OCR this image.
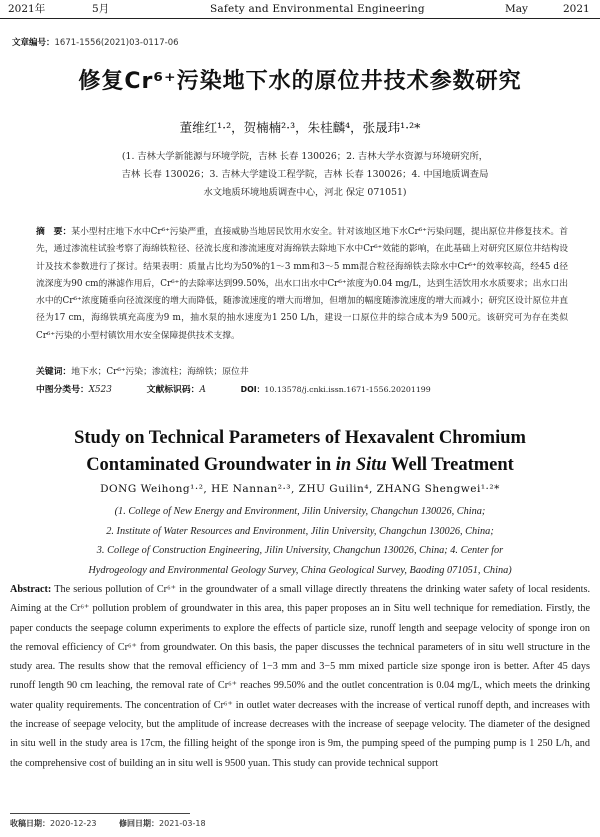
2021年	5月	Safety and Environmental Engineering	May	2021
文章编号：1671-1556(2021)03-0117-06
修复Cr⁶⁺污染地下水的原位井技术参数研究
董维红¹·²，贺楠楠²·³，朱桂麟⁴，张晟玮¹·²*
(1. 吉林大学新能源与环境学院，吉林 长春 130026；2. 吉林大学水资源与环境研究所，
吉林 长春 130026；3. 吉林大学建设工程学院，吉林 长春 130026；4. 中国地质调查局
水文地质环境地质调查中心，河北 保定 071051)
摘　要：某小型村庄地下水中Cr⁶⁺污染严重，直接威胁当地居民饮用水安全。针对该地区地下水Cr⁶⁺污染问题，提出原位井修复技术。首先，通过渗流柱试验考察了海绵铁粒径、径流长度和渗流速度对海绵铁去除地下水中Cr⁶⁺效能的影响，在此基础上对研究区原位井结构设计及技术参数进行了探讨。结果表明：质量占比均为50%的1～3 mm和3～5 mm混合粒径海绵铁去除水中Cr⁶⁺的效率较高，经45 d径流深度为90 cm的淋滤作用后，Cr⁶⁺的去除率达到99.50%，出水口出水中Cr⁶⁺浓度为0.04 mg/L，达到生活饮用水水质要求；出水口出水中的Cr⁶⁺浓度随垂向径流深度的增大而降低，随渗流速度的增大而增加，但增加的幅度随渗流速度的增大而减小；研究区设计原位井直径为17 cm，海绵铁填充高度为9 m，抽水泵的抽水速度为1 250 L/h，建设一口原位井的综合成本为9 500元。该研究可为存在类似Cr⁶⁺污染的小型村镇饮用水安全保障提供技术支撑。
关键词：地下水；Cr⁶⁺污染；渗流柱；海绵铁；原位井
中图分类号：X523	文献标识码：A	DOI：10.13578/j.cnki.issn.1671-1556.20201199
Study on Technical Parameters of Hexavalent Chromium
Contaminated Groundwater in in Situ Well Treatment
DONG Weihong¹·², HE Nannan²·³, ZHU Guilin⁴, ZHANG Shengwei¹·²*
(1. College of New Energy and Environment, Jilin University, Changchun 130026, China;
2. Institute of Water Resources and Environment, Jilin University, Changchun 130026, China;
3. College of Construction Engineering, Jilin University, Changchun 130026, China; 4. Center for
Hydrogeology and Environmental Geology Survey, China Geological Survey, Baoding 071051, China)
Abstract: The serious pollution of Cr⁶⁺ in the groundwater of a small village directly threatens the drinking water safety of local residents. Aiming at the Cr⁶⁺ pollution problem of groundwater in this area, this paper proposes an in Situ well technique for remediation. Firstly, the paper conducts the seepage column experiments to explore the effects of particle size, runoff length and seepage velocity of sponge iron on the removal efficiency of Cr⁶⁺ from groundwater. On this basis, the paper discusses the technical parameters of in situ well structure in the study area. The results show that the removal efficiency of 1−3 mm and 3−5 mm mixed particle size sponge iron is better. After 45 days runoff length 90 cm leaching, the removal rate of Cr⁶⁺ reaches 99.50% and the outlet concentration is 0.04 mg/L, which meets the drinking water quality requirements. The concentration of Cr⁶⁺ in outlet water decreases with the increase of vertical runoff depth, and increases with the increase of seepage velocity, but the amplitude of increase decreases with the increase of seepage velocity. The diameter of the designed in situ well in the study area is 17cm, the filling height of the sponge iron is 9m, the pumping speed of the pumping pump is 1 250 L/h, and the comprehensive cost of building an in situ well is 9500 yuan. This study can provide technical support
收稿日期：2020-12-23	修回日期：2021-03-18
